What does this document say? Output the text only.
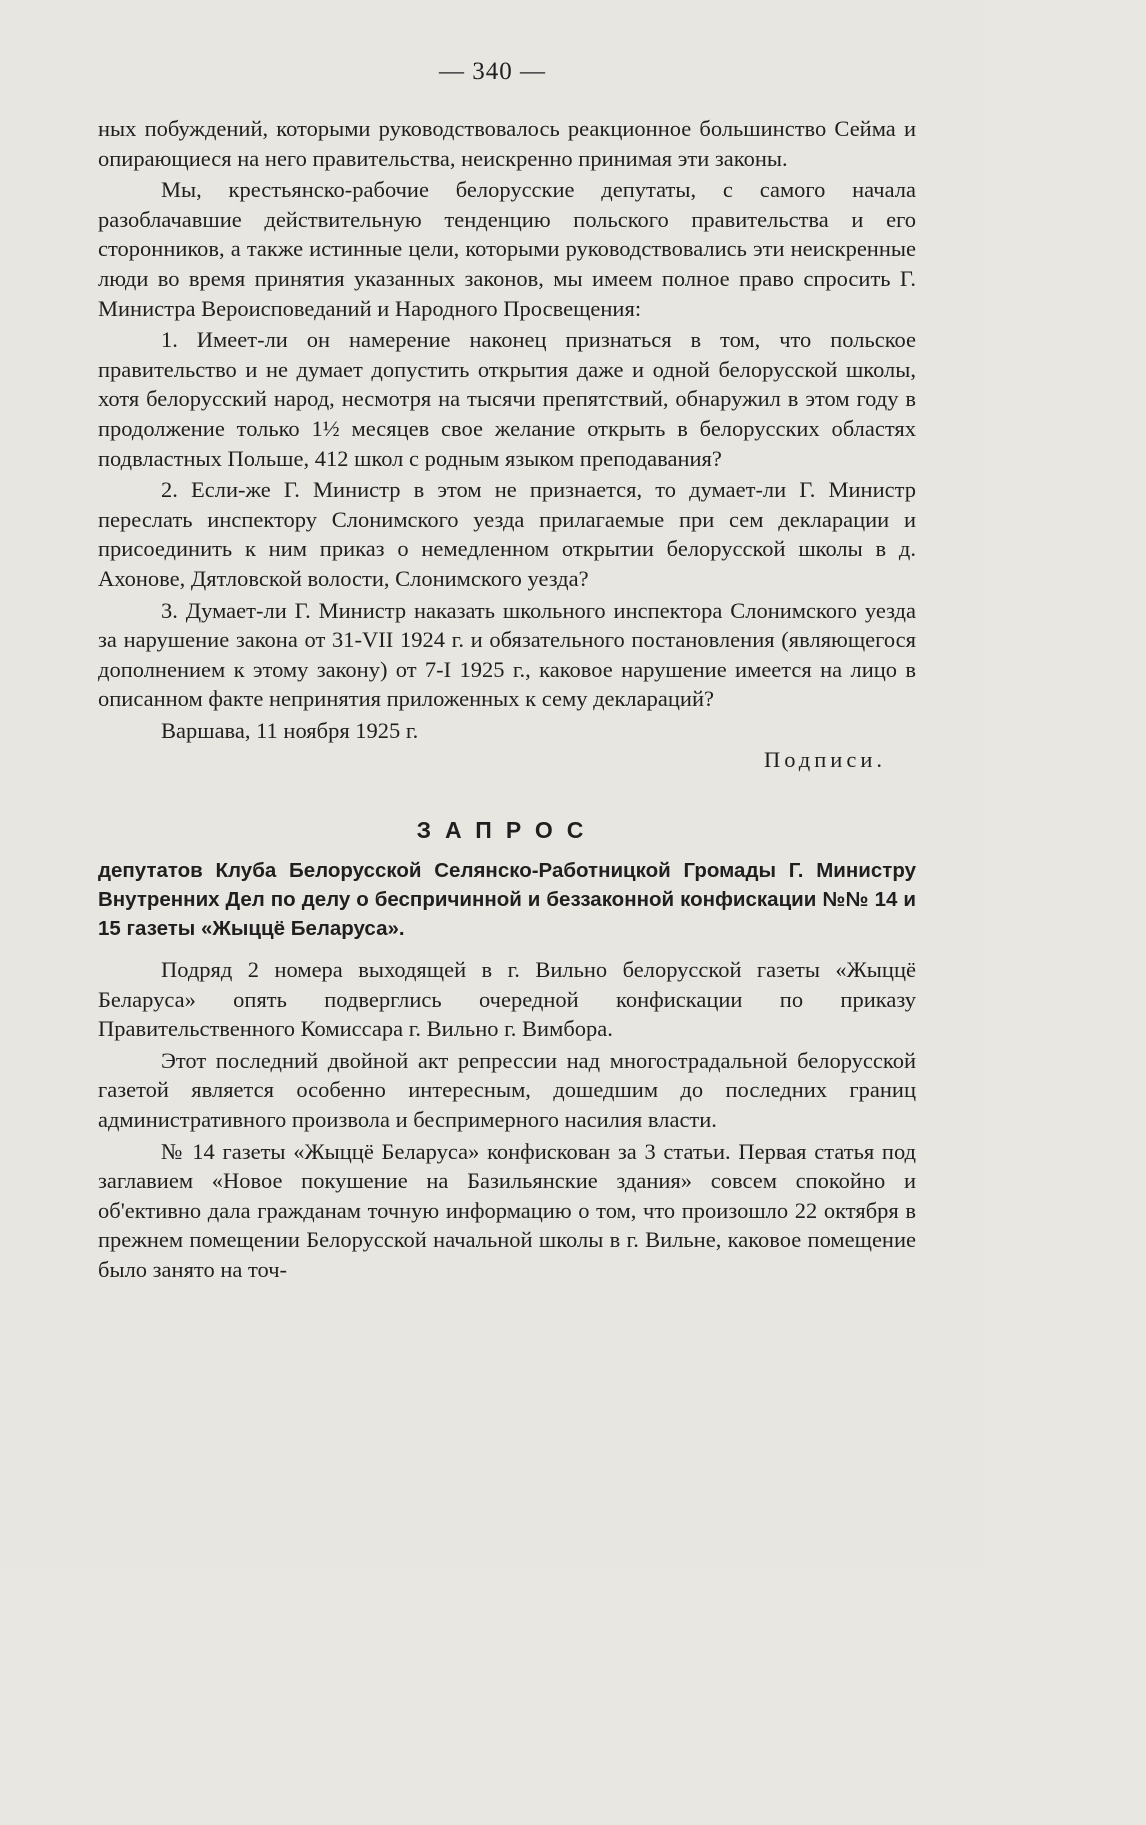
— 340 —

ных побуждений, которыми руководствовалось реакционное большинство Сейма и опирающиеся на него правительства, неискренно принимая эти законы.

Мы, крестьянско-рабочие белорусские депутаты, с самого начала разоблачавшие действительную тенденцию польского правительства и его сторонников, а также истинные цели, которыми руководствовались эти неискренные люди во время принятия указанных законов, мы имеем полное право спросить Г. Министра Вероисповеданий и Народного Просвещения:

1. Имеет-ли он намерение наконец признаться в том, что польское правительство и не думает допустить открытия даже и одной белорусской школы, хотя белорусский народ, несмотря на тысячи препятствий, обнаружил в этом году в продолжение только 1½ месяцев свое желание открыть в белорусских областях подвластных Польше, 412 школ с родным языком преподавания?

2. Если-же Г. Министр в этом не признается, то думает-ли Г. Министр переслать инспектору Слонимского уезда прилагаемые при сем декларации и присоединить к ним приказ о немедленном открытии белорусской школы в д. Ахонове, Дятловской волости, Слонимского уезда?

3. Думает-ли Г. Министр наказать школьного инспектора Слонимского уезда за нарушение закона от 31-VII 1924 г. и обязательного постановления (являющегося дополнением к этому закону) от 7-I 1925 г., каковое нарушение имеется на лицо в описанном факте непринятия приложенных к сему деклараций?

Варшава, 11 ноября 1925 г.

Подписи.

ЗАПРОС

депутатов Клуба Белорусской Селянско-Работницкой Громады Г. Министру Внутренних Дел по делу о беспричинной и беззаконной конфискации №№ 14 и 15 газеты «Жыццё Беларуса».

Подряд 2 номера выходящей в г. Вильно белорусской газеты «Жыццё Беларуса» опять подверглись очередной конфискации по приказу Правительственного Комиссара г. Вильно г. Вимбора.

Этот последний двойной акт репрессии над многострадальной белорусской газетой является особенно интересным, дошедшим до последних границ административного произвола и беспримерного насилия власти.

№ 14 газеты «Жыццё Беларуса» конфискован за 3 статьи. Первая статья под заглавием «Новое покушение на Базильянские здания» совсем спокойно и об'ективно дала гражданам точную информацию о том, что произошло 22 октября в прежнем помещении Белорусской начальной школы в г. Вильне, каковое помещение было занято на точ-
